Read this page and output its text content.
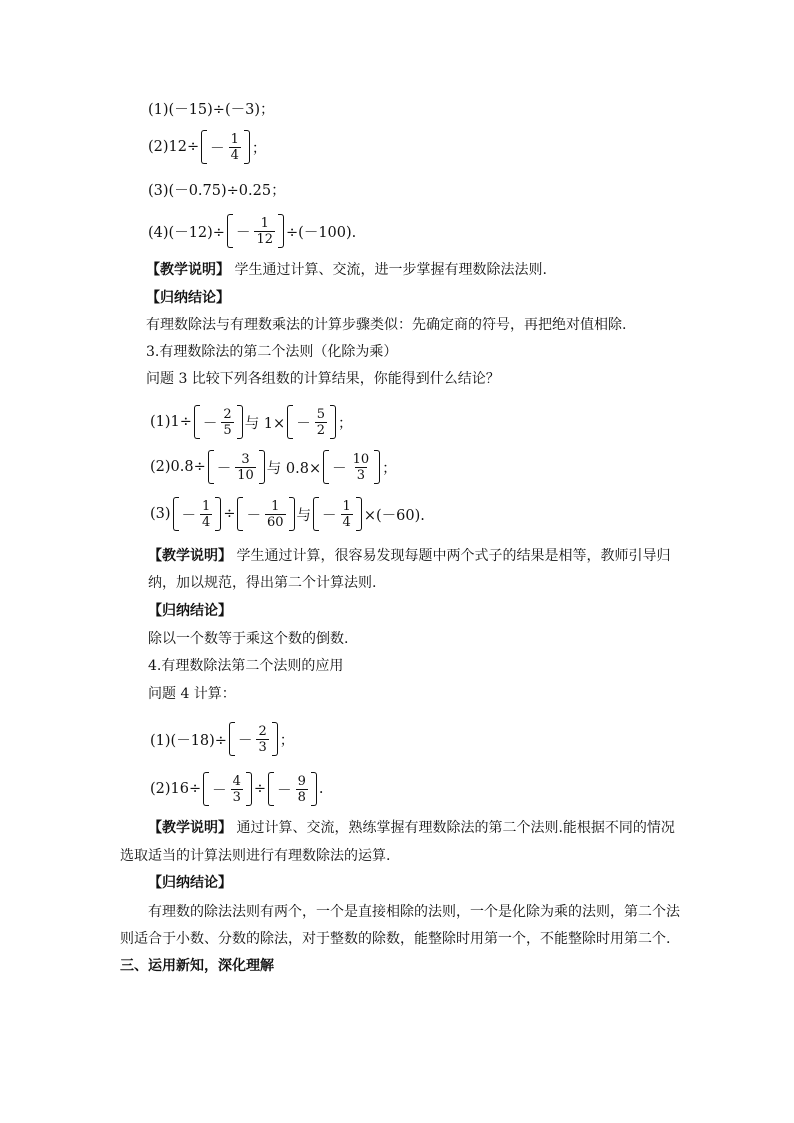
(1)(－15)÷(－3)；
$(2)12\div - \frac{1}{4}$ ；
(3)(－0.75)÷0.25；
$(4)(-12)\div - \frac{1}{12} \div(-100)$.
【教学说明】 学生通过计算、交流，进一步掌握有理数除法法则.
【归纳结论】
有理数除法与有理数乘法的计算步骤类似：先确定商的符号，再把绝对值相除.
3.有理数除法的第二个法则（化除为乘）
问题 3 比较下列各组数的计算结果，你能得到什么结论？
$(1)1\div - \frac{2}{5}$ 与 $1\times - \frac{5}{2}$ ；
$(2)0.8\div - \frac{3}{10}$ 与 $0.8\times - \frac{10}{3}$ ；
$(3) - \frac{1}{4}$ ÷ － $\frac{1}{60}$ 与 － $\frac{1}{4} \times(-60)$.
【教学说明】 学生通过计算，很容易发现每题中两个式子的结果是相等，教师引导归
纳，加以规范，得出第二个计算法则.
【归纳结论】
除以一个数等于乘这个数的倒数.
4.有理数除法第二个法则的应用
问题 4 计算：
$(1)(-18)\div - \frac{2}{3}$ ；
$(2)16\div - \frac{4}{3}$ ÷ － $\frac{9}{8}$ .
【教学说明】 通过计算、交流，熟练掌握有理数除法的第二个法则.能根据不同的情况
选取适当的计算法则进行有理数除法的运算.
【归纳结论】
有理数的除法法则有两个，一个是直接相除的法则，一个是化除为乘的法则，第二个法
则适合于小数、分数的除法，对于整数的除数，能整除时用第一个，不能整除时用第二个.
三、运用新知，深化理解
